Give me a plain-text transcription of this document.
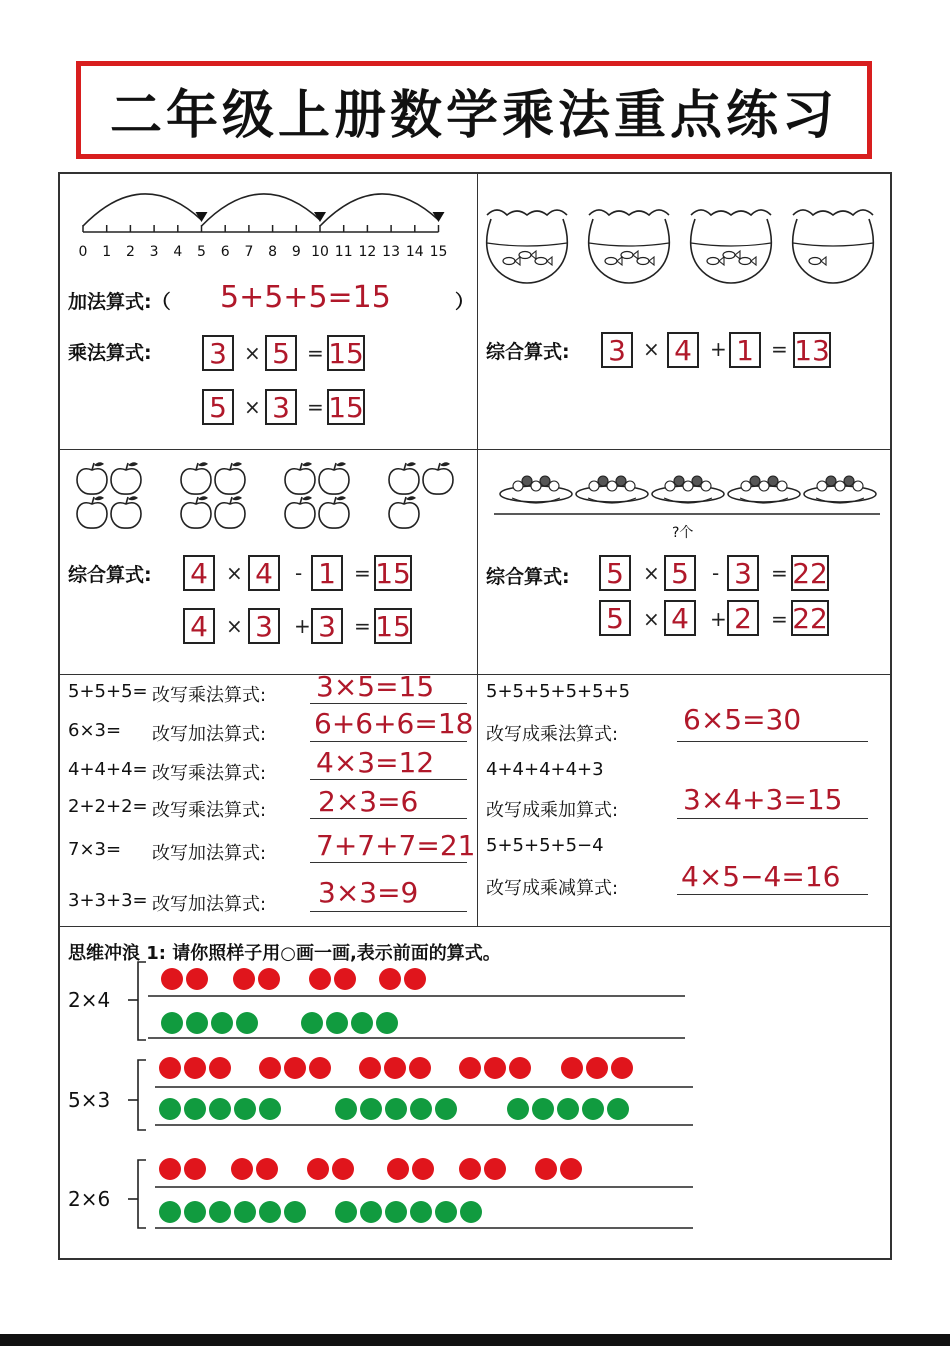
二年级上册数学乘法重点练习
0 1 2 3 4 5 6 7 8 9 10 11 12 13 14 15
加法算式:（ 5+5+5=15	）
乘法算式: 3 × 5 = 15
5 × 3 = 15
综合算式: 3 × 4 + 1 = 13
综合算式: 4 × 4	- 1 = 15
4 × 3	+ 3 = 15
?个
综合算式: 5 × 5	- 3 = 22
5 × 4	+ 2 = 22
5+5+5= 改写乘法算式: 3×5=15
6×3= 改写加法算式: 6+6+6=18
4+4+4= 改写乘法算式: 4×3=12
2+2+2= 改写乘法算式: 2×3=6
7×3= 改写加法算式: 7+7+7=21
3+3+3= 改写加法算式: 3×3=9
5+5+5+5+5+5
改写成乘法算式: 6×5=30
4+4+4+4+3
改写成乘加算式: 3×4+3=15
5+5+5+5−4
改写成乘减算式: 4×5−4=16
思维冲浪 1: 请你照样子用○画一画,表示前面的算式。
2×4
5×3
2×6
